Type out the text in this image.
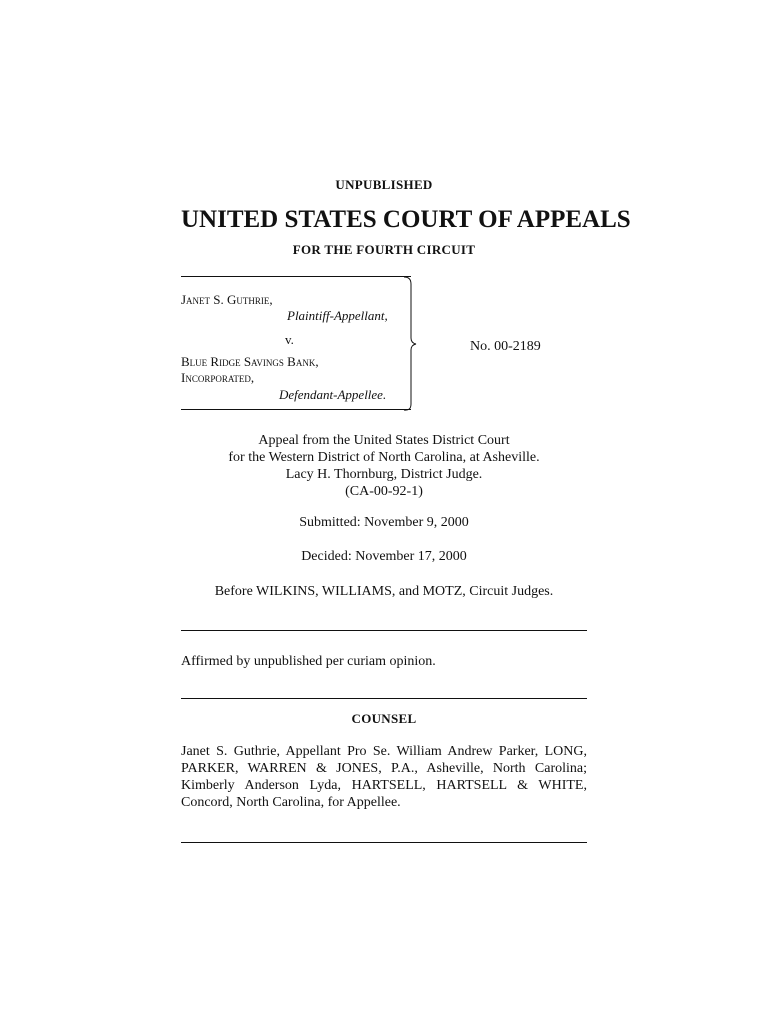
UNPUBLISHED
UNITED STATES COURT OF APPEALS
FOR THE FOURTH CIRCUIT
Janet S. Guthrie,
Plaintiff-Appellant,
v.
Blue Ridge Savings Bank,
Incorporated,
Defendant-Appellee.
No. 00-2189
Appeal from the United States District Court
for the Western District of North Carolina, at Asheville.
Lacy H. Thornburg, District Judge.
(CA-00-92-1)
Submitted: November 9, 2000
Decided: November 17, 2000
Before WILKINS, WILLIAMS, and MOTZ, Circuit Judges.
Affirmed by unpublished per curiam opinion.
COUNSEL
Janet S. Guthrie, Appellant Pro Se. William Andrew Parker, LONG,
PARKER, WARREN & JONES, P.A., Asheville, North Carolina;
Kimberly Anderson Lyda, HARTSELL, HARTSELL & WHITE,
Concord, North Carolina, for Appellee.
